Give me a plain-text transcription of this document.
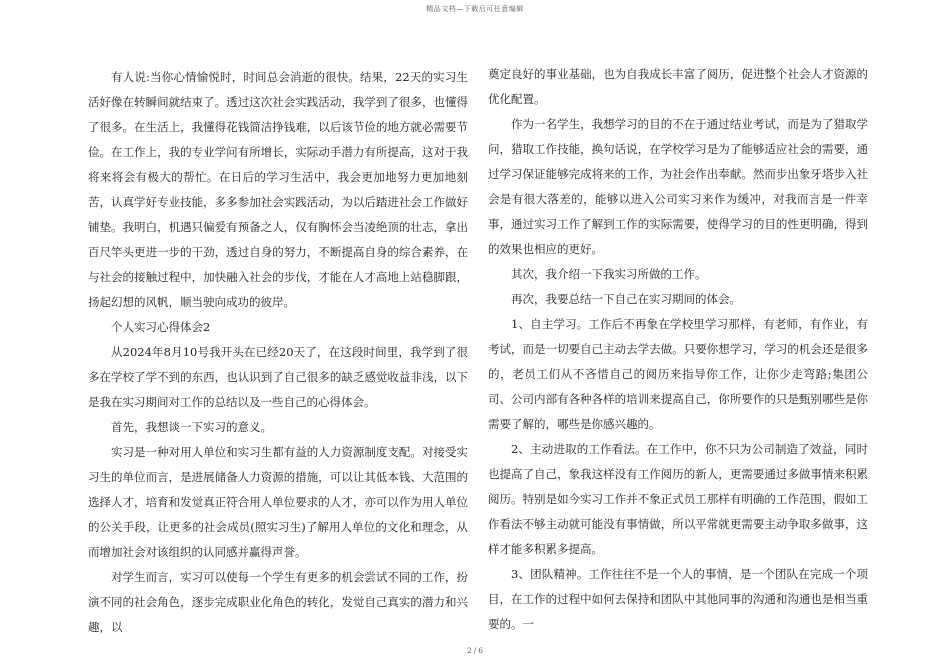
精品文档—下载后可任意编辑

有人说:当你心情愉悦时，时间总会消逝的很快。结果，22天的实习生活好像在转瞬间就结束了。透过这次社会实践活动，我学到了很多，也懂得了很多。在生活上，我懂得花钱简洁挣钱难，以后该节俭的地方就必需要节俭。在工作上，我的专业学问有所增长，实际动手潜力有所提高，这对于我将来将会有极大的帮忙。在日后的学习生活中，我会更加地努力更加地刻苦，认真学好专业技能，多多参加社会实践活动，为以后踏进社会工作做好铺垫。我明白，机遇只偏爱有预备之人，仅有胸怀会当凌绝顶的壮志，拿出百尺竿头更进一步的干劲，透过自身的努力，不断提高自身的综合素养，在与社会的接触过程中，加快融入社会的步伐，才能在人才高地上站稳脚跟，扬起幻想的风帆，顺当驶向成功的彼岸。

个人实习心得体会2

从2024年8月10号我开头在已经20天了，在这段时间里，我学到了很多在学校了学不到的东西，也认识到了自己很多的缺乏感觉收益非浅，以下是我在实习期间对工作的总结以及一些自己的心得体会。

首先，我想谈一下实习的意义。

实习是一种对用人单位和实习生都有益的人力资源制度支配。对接受实习生的单位而言，是进展储备人力资源的措施，可以让其低本钱、大范围的选择人才，培育和发觉真正符合用人单位要求的人才，亦可以作为用人单位的公关手段，让更多的社会成员(照实习生)了解用人单位的文化和理念，从而增加社会对该组织的认同感并赢得声誉。

对学生而言，实习可以使每一个学生有更多的机会尝试不同的工作，扮演不同的社会角色，逐步完成职业化角色的转化，发觉自己真实的潜力和兴趣，以

奠定良好的事业基础，也为自我成长丰富了阅历，促进整个社会人才资源的优化配置。

作为一名学生，我想学习的目的不在于通过结业考试，而是为了猎取学问，猎取工作技能，换句话说，在学校学习是为了能够适应社会的需要，通过学习保证能够完成将来的工作，为社会作出奉献。然而步出象牙塔步入社会是有很大落差的，能够以进入公司实习来作为缓冲，对我而言是一件幸事，通过实习工作了解到工作的实际需要，使得学习的目的性更明确，得到的效果也相应的更好。

其次，我介绍一下我实习所做的工作。

再次，我要总结一下自己在实习期间的体会。

1、自主学习。工作后不再象在学校里学习那样，有老师，有作业，有考试，而是一切要自己主动去学去做。只要你想学习，学习的机会还是很多的，老员工们从不吝惜自己的阅历来指导你工作，让你少走弯路;集团公司、公司内部有各种各样的培训来提高自己，你所要作的只是甄别哪些是你需要了解的，哪些是你感兴趣的。

2、主动进取的工作看法。在工作中，你不只为公司制造了效益，同时也提高了自己，象我这样没有工作阅历的新人，更需要通过多做事情来积累阅历。特别是如今实习工作并不象正式员工那样有明确的工作范围，假如工作看法不够主动就可能没有事情做，所以平常就更需要主动争取多做事，这样才能多积累多提高。

3、团队精神。工作往往不是一个人的事情，是一个团队在完成一个项目，在工作的过程中如何去保持和团队中其他同事的沟通和沟通也是相当重要的。一

2 / 6
